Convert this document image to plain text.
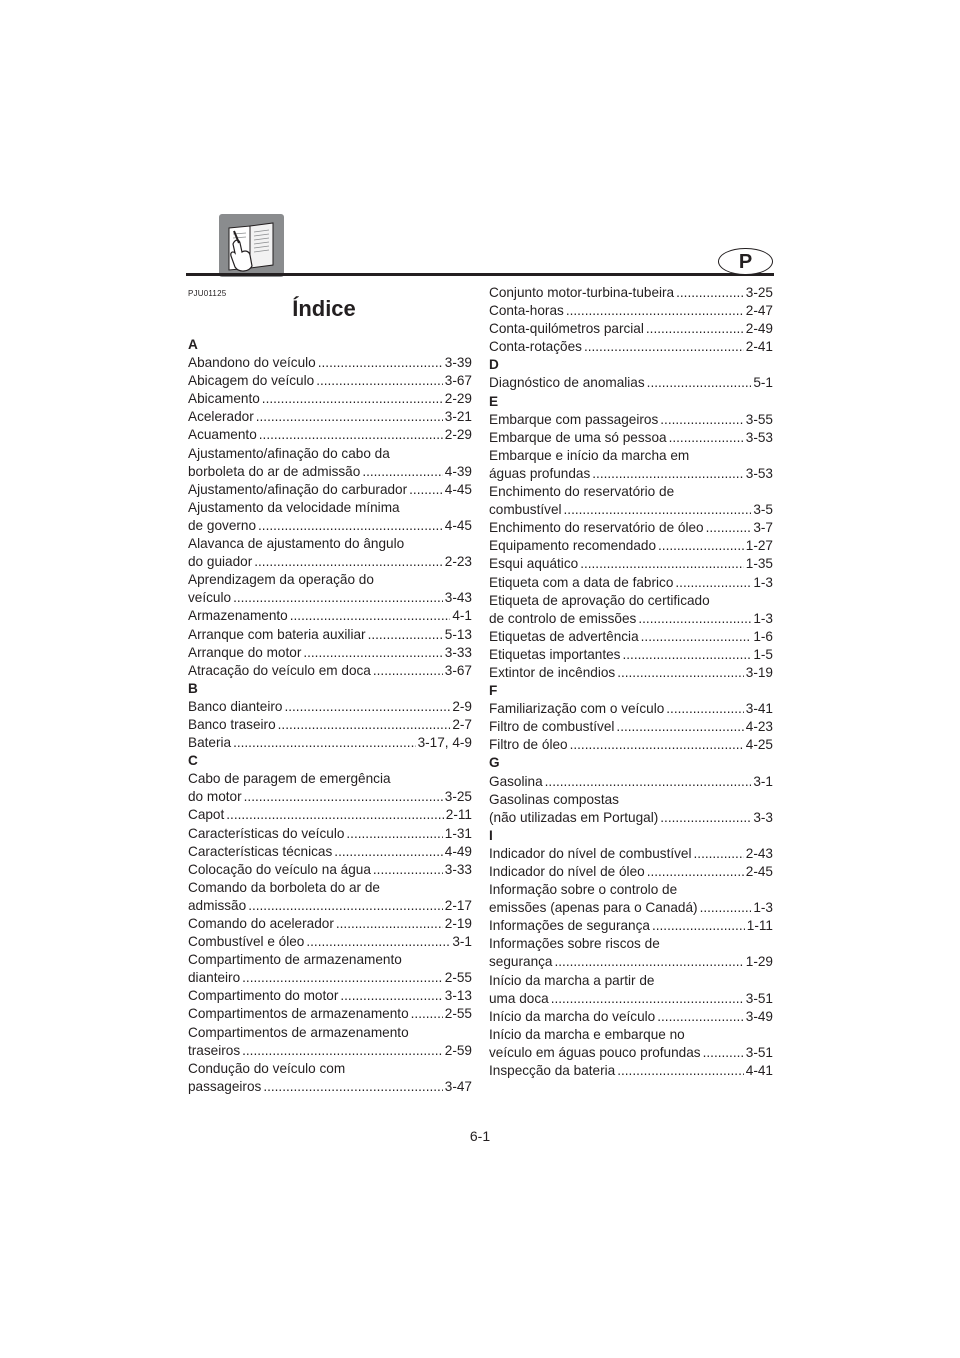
P
PJU01125
Índice
A
Abandono do veículo .....	3-39
Abicagem do veículo .....	3-67
Abicamento .....	2-29
Acelerador .....	3-21
Acuamento .....	2-29
Ajustamento/afinação do cabo da
borboleta do ar de admissão .....	4-39
Ajustamento/afinação do carburador .....	4-45
Ajustamento da velocidade mínima
de governo .....	4-45
Alavanca de ajustamento do ângulo
do guiador .....	2-23
Aprendizagem da operação do
veículo .....	3-43
Armazenamento .....	4-1
Arranque com bateria auxiliar .....	5-13
Arranque do motor .....	3-33
Atracação do veículo em doca .....	3-67
B
Banco dianteiro .....	2-9
Banco traseiro .....	2-7
Bateria .....	3-17, 4-9
C
Cabo de paragem de emergência
do motor .....	3-25
Capot .....	2-11
Características do veículo .....	1-31
Características técnicas .....	4-49
Colocação do veículo na água .....	3-33
Comando da borboleta do ar de
admissão .....	2-17
Comando do acelerador .....	2-19
Combustível e óleo .....	3-1
Compartimento de armazenamento
dianteiro .....	2-55
Compartimento do motor .....	3-13
Compartimentos de armazenamento .....	2-55
Compartimentos de armazenamento
traseiros .....	2-59
Condução do veículo com
passageiros .....	3-47
Conjunto motor-turbina-tubeira .....	3-25
Conta-horas .....	2-47
Conta-quilómetros parcial .....	2-49
Conta-rotações .....	2-41
D
Diagnóstico de anomalias .....	5-1
E
Embarque com passageiros .....	3-55
Embarque de uma só pessoa .....	3-53
Embarque e início da marcha em
águas profundas .....	3-53
Enchimento do reservatório de
combustível .....	3-5
Enchimento do reservatório de óleo .....	3-7
Equipamento recomendado .....	1-27
Esqui aquático .....	1-35
Etiqueta com a data de fabrico .....	1-3
Etiqueta de aprovação do certificado
de controlo de emissões .....	1-3
Etiquetas de advertência .....	1-6
Etiquetas importantes .....	1-5
Extintor de incêndios .....	3-19
F
Familiarização com o veículo .....	3-41
Filtro de combustível .....	4-23
Filtro de óleo .....	4-25
G
Gasolina .....	3-1
Gasolinas compostas
(não utilizadas em Portugal) .....	3-3
I
Indicador do nível de combustível .....	2-43
Indicador do nível de óleo .....	2-45
Informação sobre o controlo de
emissões (apenas para o Canadá) .....	1-3
Informações de segurança .....	1-11
Informações sobre riscos de
segurança .....	1-29
Início da marcha a partir de
uma doca .....	3-51
Início da marcha do veículo .....	3-49
Início da marcha e embarque no
veículo em águas pouco profundas .....	3-51
Inspecção da bateria .....	4-41
6-1
